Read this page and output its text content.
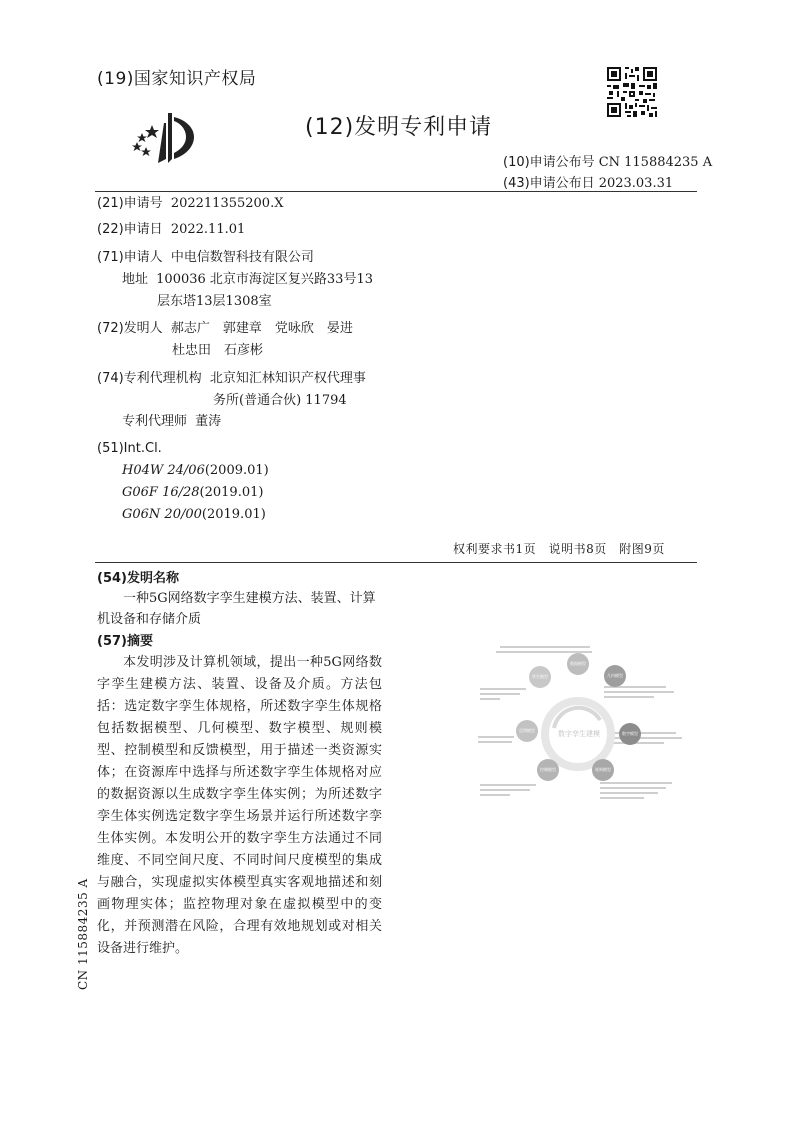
(19)国家知识产权局
(12)发明专利申请
(10)申请公布号 CN 115884235 A
(43)申请公布日 2023.03.31
(21)申请号 202211355200.X
(22)申请日 2022.11.01
(71)申请人 中电信数智科技有限公司
地址 100036 北京市海淀区复兴路33号13
层东塔13层1308室
(72)发明人 郝志广　郭建章　党咏欣　晏进
杜忠田　石彦彬
(74)专利代理机构 北京知汇林知识产权代理事
务所(普通合伙) 11794
专利代理师 董涛
(51)Int.Cl.
H04W 24/06(2009.01)
G06F 16/28(2019.01)
G06N 20/00(2019.01)
权利要求书1页　说明书8页　附图9页
(54)发明名称
一种5G网络数字孪生建模方法、装置、计算机设备和存储介质
(57)摘要
本发明涉及计算机领域，提出一种5G网络数字孪生建模方法、装置、设备及介质。方法包括：选定数字孪生体规格，所述数字孪生体规格包括数据模型、几何模型、数字模型、规则模型、控制模型和反馈模型，用于描述一类资源实体；在资源库中选择与所述数字孪生体规格对应的数据资源以生成数字孪生体实例；为所述数字孪生体实例选定数字孪生场景并运行所述数字孪生体实例。本发明公开的数字孪生方法通过不同维度、不同空间尺度、不同时间尺度模型的集成与融合，实现虚拟实体模型真实客观地描述和刻画物理实体；监控物理对象在虚拟模型中的变化，并预测潜在风险，合理有效地规划或对相关设备进行维护。
CN 115884235 A
数字孪生建模
孪生模型
数据模型
几何模型
数字模型
规则模型
控制模型
反馈模型
